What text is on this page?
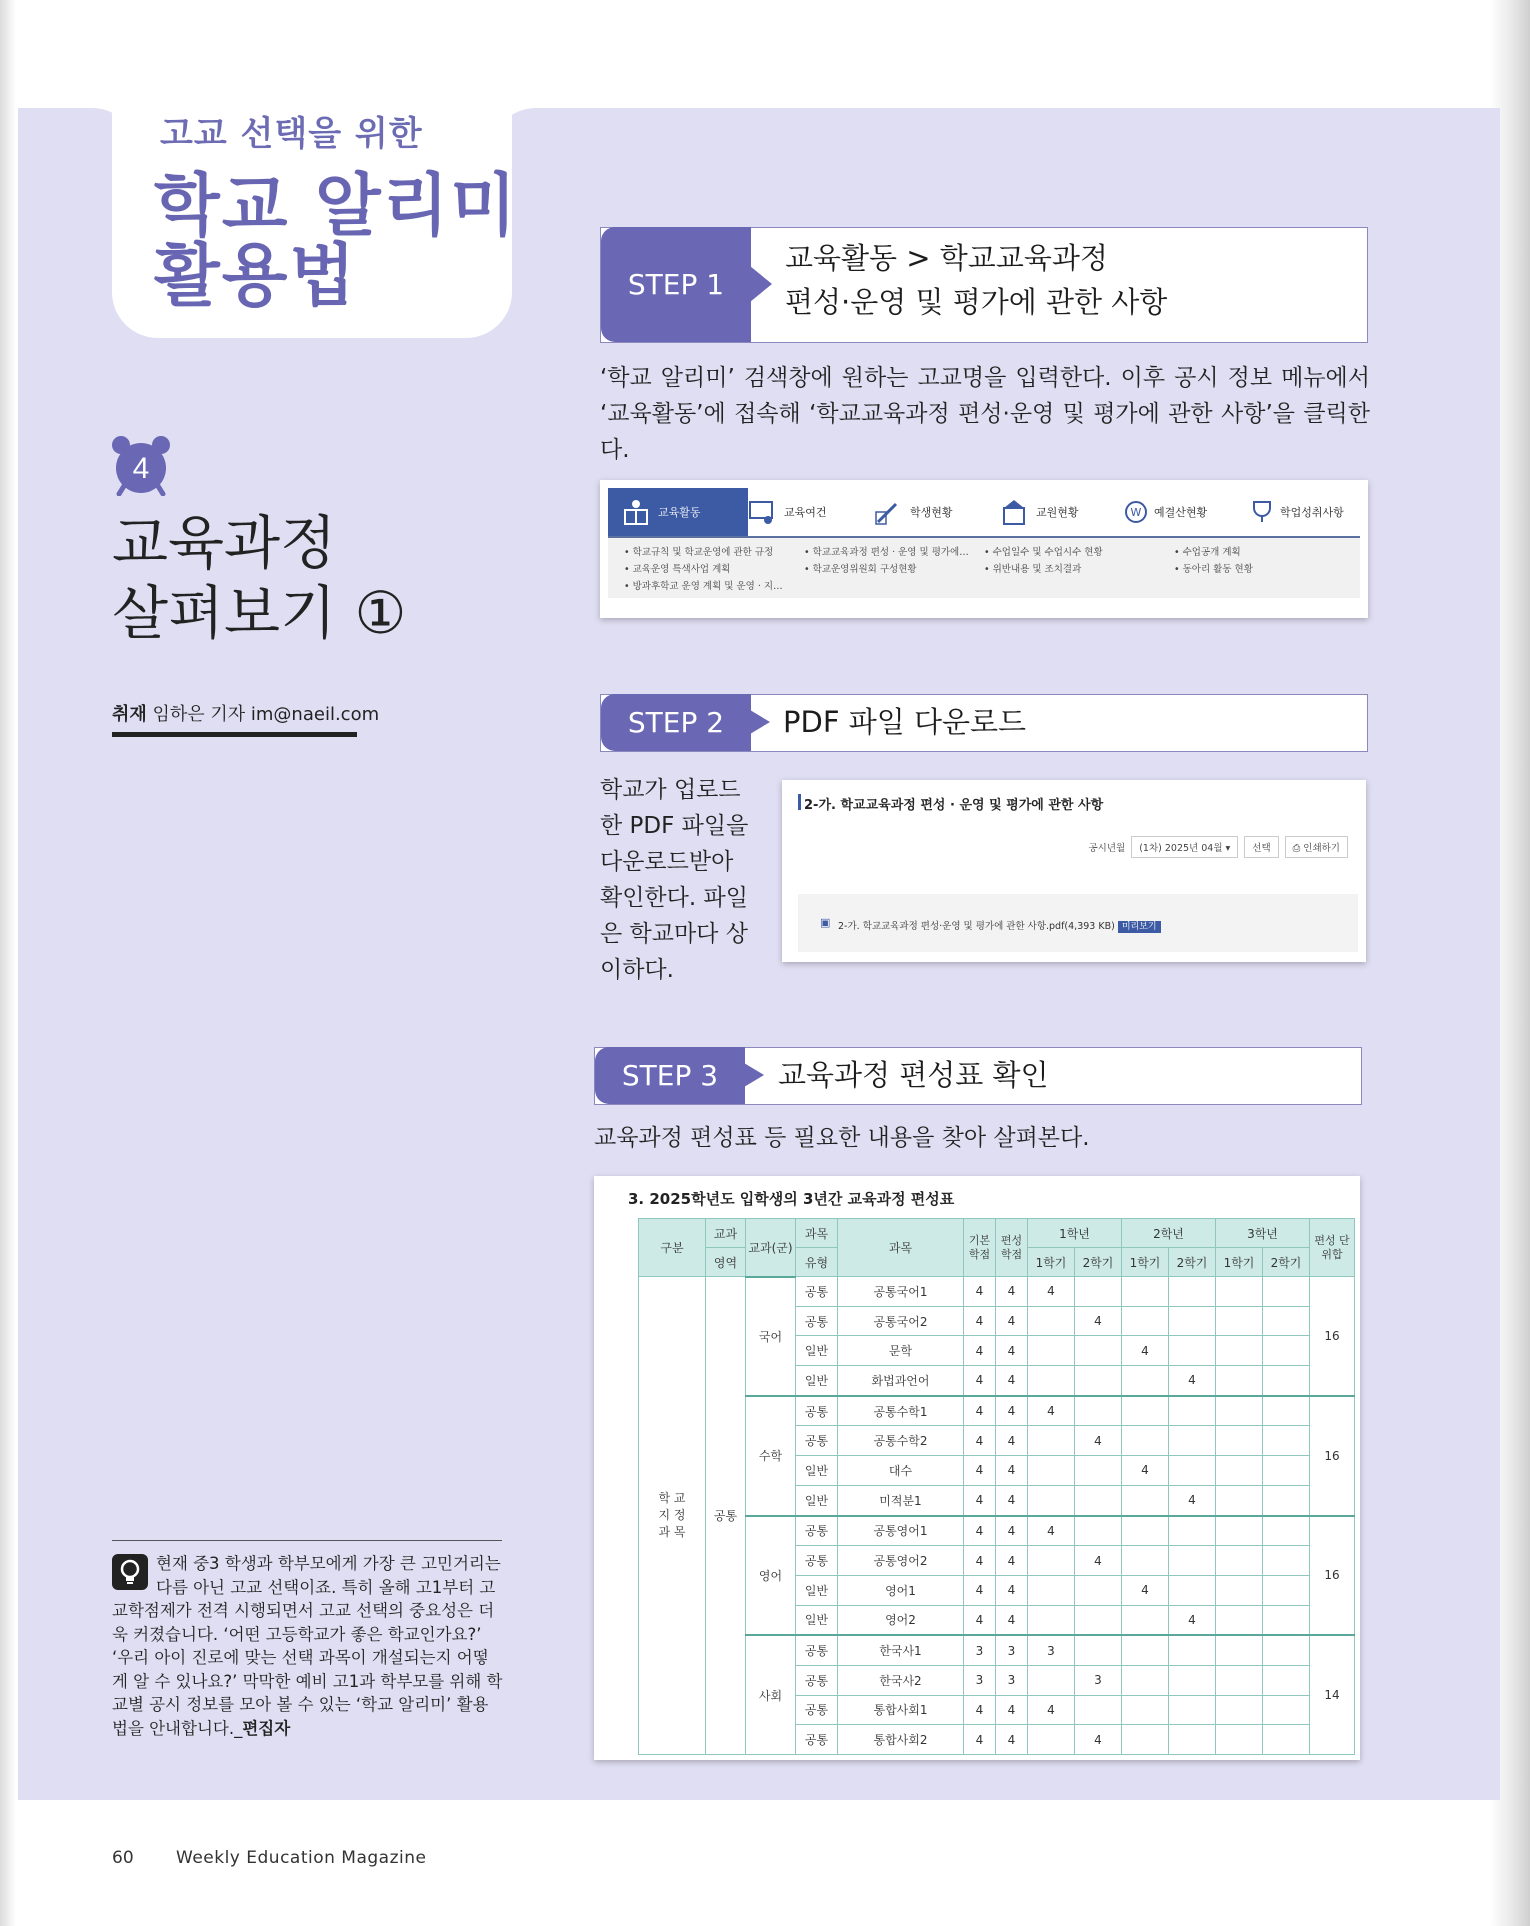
고교 선택을 위한
학교 알리미
활용법
4
교육과정
살펴보기 ①
취재 임하은 기자 im@naeil.com
현재 중3 학생과 학부모에게 가장 큰 고민거리는 다름 아닌 고교 선택이죠. 특히 올해 고1부터 고교학점제가 전격 시행되면서 고교 선택의 중요성은 더욱 커졌습니다. ‘어떤 고등학교가 좋은 학교인가요?’ ‘우리 아이 진로에 맞는 선택 과목이 개설되는지 어떻게 알 수 있나요?’ 막막한 예비 고1과 학부모를 위해 학교별 공시 정보를 모아 볼 수 있는 ‘학교 알리미’ 활용법을 안내합니다._편집자
STEP 1
교육활동 > 학교교육과정
편성·운영 및 평가에 관한 사항
‘학교 알리미’ 검색창에 원하는 고교명을 입력한다. 이후 공시 정보 메뉴에서 ‘교육활동’에 접속해 ‘학교교육과정 편성·운영 및 평가에 관한 사항’을 클릭한다.
교육활동	교육여건	학생현황	교원현황	W 예결산현황	학업성취사항
• 학교규칙 및 학교운영에 관한 규정
• 교육운영 특색사업 계획
• 방과후학교 운영 계획 및 운영 · 지…
• 학교교육과정 편성 · 운영 및 평가에…
• 학교운영위원회 구성현황
• 수업일수 및 수업시수 현황
• 위반내용 및 조치결과
• 수업공개 계획
• 동아리 활동 현황
STEP 2 PDF 파일 다운로드
학교가 업로드한 PDF 파일을 다운로드받아 확인한다. 파일은 학교마다 상이하다.
2-가. 학교교육과정 편성 · 운영 및 평가에 관한 사항
공시년월	(1차) 2025년 04월 ▾	선택	⎙ 인쇄하기
▣ 2-가. 학교교육과정 편성·운영 및 평가에 관한 사항.pdf(4,393 KB) 미리보기
STEP 3 교육과정 편성표 확인
교육과정 편성표 등 필요한 내용을 찾아 살펴본다.
3. 2025학년도 입학생의 3년간 교육과정 편성표
구분	교과	교과(군)	과목	과목	기본 학점	편성 학점	1학년		2학년		3학년		편성 단위합
	영역		유형				1학기	2학기	1학기	2학기	1학기	2학기	
학 교 지 정 과 목	공통	국어	공통	공통국어1	4	4	4						16
			공통	공통국어2	4	4		4					
			일반	문학	4	4			4				
			일반	화법과언어	4	4				4			
		수학	공통	공통수학1	4	4	4						16
			공통	공통수학2	4	4		4					
			일반	대수	4	4			4				
			일반	미적분1	4	4				4			
		영어	공통	공통영어1	4	4	4						16
			공통	공통영어2	4	4		4					
			일반	영어1	4	4			4				
			일반	영어2	4	4				4			
		사회	공통	한국사1	3	3	3						14
			공통	한국사2	3	3		3					
			공통	통합사회1	4	4	4						
			공통	통합사회2	4	4		4					
60 Weekly Education Magazine
